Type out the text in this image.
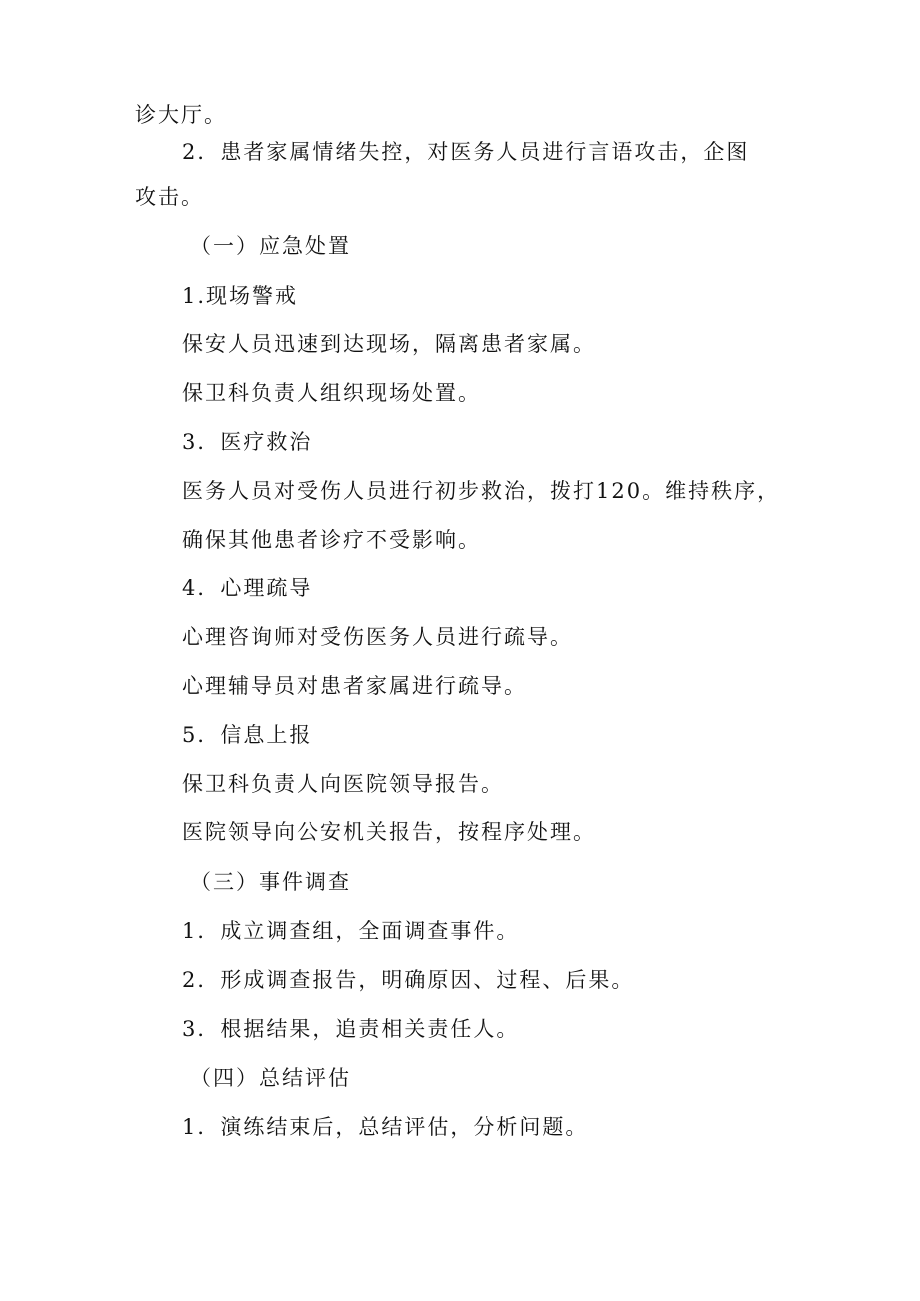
诊大厅。
2．患者家属情绪失控，对医务人员进行言语攻击，企图
攻击。
（一）应急处置
1.现场警戒
保安人员迅速到达现场，隔离患者家属。
保卫科负责人组织现场处置。
3．医疗救治
医务人员对受伤人员进行初步救治，拨打120。维持秩序，
确保其他患者诊疗不受影响。
4．心理疏导
心理咨询师对受伤医务人员进行疏导。
心理辅导员对患者家属进行疏导。
5．信息上报
保卫科负责人向医院领导报告。
医院领导向公安机关报告，按程序处理。
（三）事件调查
1．成立调查组，全面调查事件。
2．形成调查报告，明确原因、过程、后果。
3．根据结果，追责相关责任人。
（四）总结评估
1．演练结束后，总结评估，分析问题。
